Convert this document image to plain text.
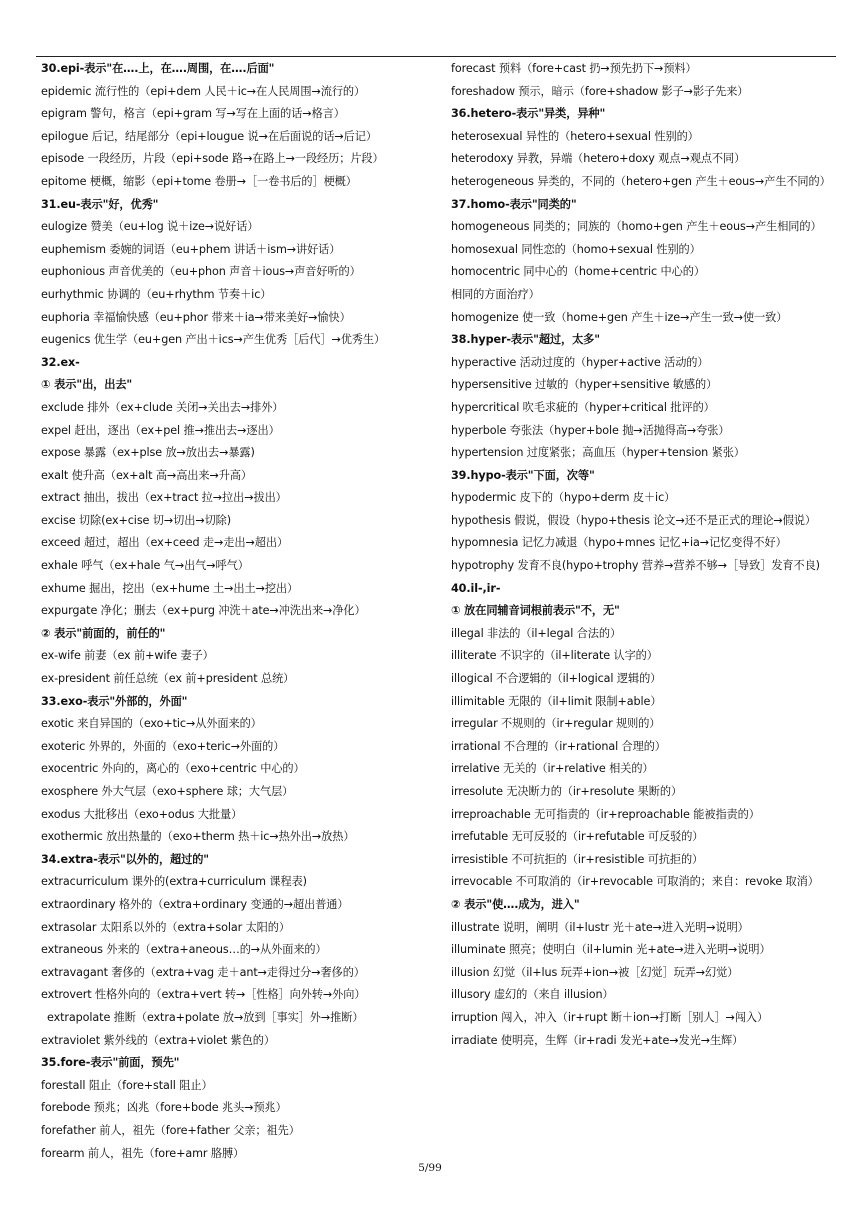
30.epi-表示"在….上，在….周围，在….后面"
epidemic 流行性的（epi+dem 人民＋ic→在人民周围→流行的）
epigram 警句，格言（epi+gram 写→写在上面的话→格言）
epilogue 后记，结尾部分（epi+lougue 说→在后面说的话→后记）
episode 一段经历，片段（epi+sode 路→在路上→一段经历；片段）
epitome 梗概，缩影（epi+tome 卷册→［一卷书后的］梗概）
31.eu-表示"好，优秀"
eulogize 赞美（eu+log 说＋ize→说好话）
euphemism 委婉的词语（eu+phem 讲话＋ism→讲好话）
euphonious 声音优美的（eu+phon 声音＋ious→声音好听的）
eurhythmic 协调的（eu+rhythm 节奏＋ic）
euphoria 幸福愉快感（eu+phor 带来＋ia→带来美好→愉快）
eugenics 优生学（eu+gen 产出＋ics→产生优秀［后代］→优秀生）
32.ex-
① 表示"出，出去"
exclude 排外（ex+clude 关闭→关出去→排外）
expel 赶出，逐出（ex+pel 推→推出去→逐出）
expose 暴露（ex+plse 放→放出去→暴露)
exalt 使升高（ex+alt 高→高出来→升高）
extract 抽出，拔出（ex+tract 拉→拉出→拔出）
excise 切除(ex+cise 切→切出→切除)
exceed 超过，超出（ex+ceed 走→走出→超出）
exhale 呼气（ex+hale 气→出气→呼气）
exhume 掘出，挖出（ex+hume 土→出土→挖出）
expurgate 净化；删去（ex+purg 冲洗＋ate→冲洗出来→净化）
② 表示"前面的，前任的"
ex-wife 前妻（ex 前+wife 妻子）
ex-president 前任总统（ex 前+president 总统）
33.exo-表示"外部的，外面"
exotic 来自异国的（exo+tic→从外面来的）
exoteric 外界的，外面的（exo+teric→外面的）
exocentric 外向的，离心的（exo+centric 中心的）
exosphere 外大气层（exo+sphere 球；大气层）
exodus 大批移出（exo+odus 大批量）
exothermic 放出热量的（exo+therm 热＋ic→热外出→放热）
34.extra-表示"以外的，超过的"
extracurriculum 课外的(extra+curriculum 课程表)
extraordinary 格外的（extra+ordinary 变通的→超出普通）
extrasolar 太阳系以外的（extra+solar 太阳的）
extraneous 外来的（extra+aneous…的→从外面来的）
extravagant 奢侈的（extra+vag 走＋ant→走得过分→奢侈的）
extrovert 性格外向的（extra+vert 转→［性格］向外转→外向）
extrapolate 推断（extra+polate 放→放到［事实］外→推断）
extraviolet 紫外线的（extra+violet 紫色的）
35.fore-表示"前面，预先"
forestall 阻止（fore+stall 阻止）
forebode 预兆；凶兆（fore+bode 兆头→预兆）
forefather 前人，祖先（fore+father 父亲；祖先）
forearm 前人，祖先（fore+amr 胳膊）
forecast 预料（fore+cast 扔→预先扔下→预料）
foreshadow 预示，暗示（fore+shadow 影子→影子先来）
36.hetero-表示"异类，异种"
heterosexual 异性的（hetero+sexual 性别的）
heterodoxy 异教，异端（hetero+doxy 观点→观点不同）
heterogeneous 异类的，不同的（hetero+gen 产生＋eous→产生不同的）
37.homo-表示"同类的"
homogeneous 同类的；同族的（homo+gen 产生＋eous→产生相同的）
homosexual 同性恋的（homo+sexual 性别的）
homocentric 同中心的（home+centric 中心的）
相同的方面治疗）
homogenize 使一致（home+gen 产生＋ize→产生一致→使一致）
38.hyper-表示"超过，太多"
hyperactive 活动过度的（hyper+active 活动的）
hypersensitive 过敏的（hyper+sensitive 敏感的）
hypercritical 吹毛求疵的（hyper+critical 批评的）
hyperbole 夸张法（hyper+bole 抛→活抛得高→夸张）
hypertension 过度紧张；高血压（hyper+tension 紧张）
39.hypo-表示"下面，次等"
hypodermic 皮下的（hypo+derm 皮＋ic）
hypothesis 假说，假设（hypo+thesis 论文→还不是正式的理论→假说）
hypomnesia 记忆力减退（hypo+mnes 记忆+ia→记忆变得不好）
hypotrophy 发育不良(hypo+trophy 营养→营养不够→［导致］发育不良)
40.il-,ir-
① 放在同辅音词根前表示"不，无"
illegal 非法的（il+legal 合法的）
illiterate 不识字的（il+literate 认字的）
illogical 不合逻辑的（il+logical 逻辑的）
illimitable 无限的（il+limit 限制+able）
irregular 不规则的（ir+regular 规则的）
irrational 不合理的（ir+rational 合理的）
irrelative 无关的（ir+relative 相关的）
irresolute 无决断力的（ir+resolute 果断的）
irreproachable 无可指责的（ir+reproachable 能被指责的）
irrefutable 无可反驳的（ir+refutable 可反驳的）
irresistible 不可抗拒的（ir+resistible 可抗拒的）
irrevocable 不可取消的（ir+revocable 可取消的；来自：revoke 取消）
② 表示"使….成为，进入"
illustrate 说明，阐明（il+lustr 光＋ate→进入光明→说明）
illuminate 照亮；使明白（il+lumin 光+ate→进入光明→说明）
illusion 幻觉（il+lus 玩弄+ion→被［幻觉］玩弄→幻觉）
illusory 虚幻的（来自 illusion）
irruption 闯入，冲入（ir+rupt 断＋ion→打断［别人］→闯入）
irradiate 使明亮，生辉（ir+radi 发光+ate→发光→生辉）
5/99
